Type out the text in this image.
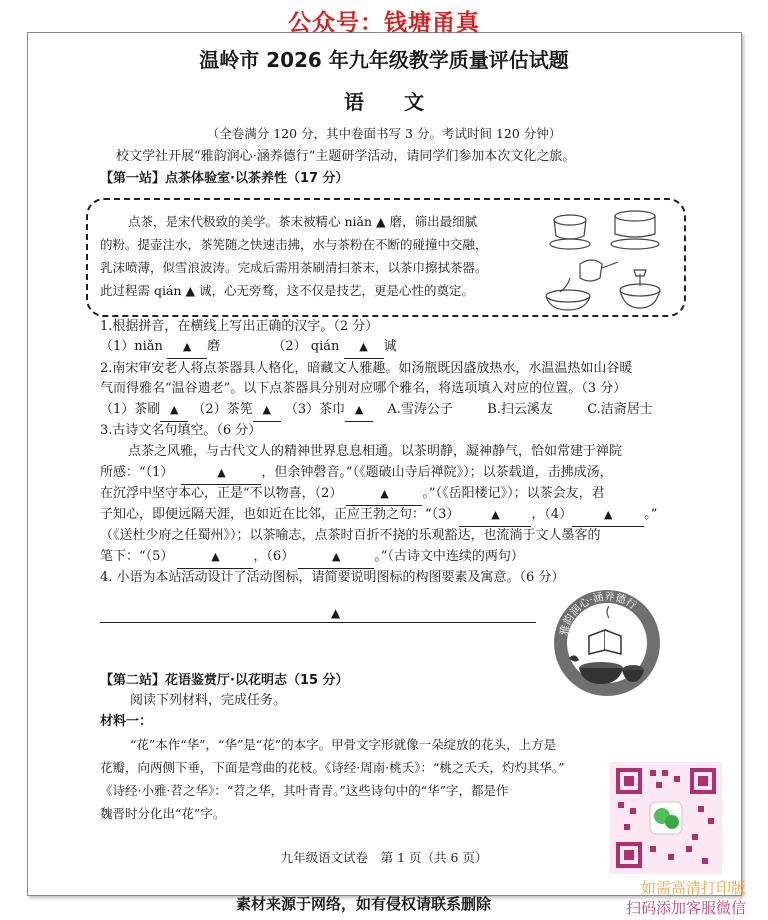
公众号：钱塘甬真
温岭市 2026 年九年级教学质量评估试题
语文
（全卷满分 120 分，其中卷面书写 3 分。考试时间 120 分钟）
校文学社开展“雅韵润心·涵养德行”主题研学活动，请同学们参加本次文化之旅。
【第一站】点茶体验室·以茶养性（17 分）
点茶，是宋代极致的美学。茶末被精心 niǎn ▲ 磨，筛出最细腻
的粉。提壶注水，茶筅随之快速击拂，水与茶粉在不断的碰撞中交融，
乳沫喷薄，似雪浪波涛。完成后需用茶刷清扫茶末，以茶巾擦拭茶器。
此过程需 qián ▲ 诚，心无旁骛，这不仅是技艺，更是心性的奠定。
1.根据拼音，在横线上写出正确的汉字。（2 分）
（1）niǎn ▲ 磨	（2） qián ▲ 诚
2.南宋审安老人将点茶器具人格化，暗藏文人雅趣。如汤瓶既因盛放热水，水温温热如山谷暖
气而得雅名“温谷遗老”。以下点茶器具分别对应哪个雅名，将选项填入对应的位置。（3 分）
（1）茶刷 ▲ （2）茶筅 ▲ （3）茶巾 ▲ A.雪涛公子	B.扫云溪友	C.洁斋居士
3.古诗文名句填空。（6 分）
点茶之风雅，与古代文人的精神世界息息相通。以茶明静，凝神静气，恰如常建于禅院
所感：“（1）	▲	，但余钟磬音。”（《题破山寺后禅院》）；以茶载道，击拂成汤，
在沉浮中坚守本心，正是“不以物喜，（2）	▲	。”（《岳阳楼记》）；以茶会友，君
子知心，即便远隔天涯，也如近在比邻，正应王勃之句：“（3）	▲ ，（4）	▲ 。”
（《送杜少府之任蜀州》）；以茶喻志，点茶时百折不挠的乐观豁达，也流淌于文人墨客的
笔下：“（5）	▲	，（6）	▲	。”（古诗文中连续的两句）
4. 小语为本站活动设计了活动图标，请简要说明图标的构图要素及寓意。（6 分）
▲
雅韵润心·涵养德行
【第二站】花语鉴赏厅·以花明志（15 分）
阅读下列材料，完成任务。
材料一：
“花”本作“华”，“华”是“花”的本字。甲骨文字形就像一朵绽放的花头，上方是
花瓣，向两侧下垂，下面是弯曲的花枝。《诗经·周南·桃夭》：“桃之夭夭，灼灼其华。”
《诗经·小雅·苕之华》：“苕之华，其叶青青。”这些诗句中的“华”字，都是作
魏晋时分化出“花”字。
九年级语文试卷　第 1 页（共 6 页）
素材来源于网络，如有侵权请联系删除
如需高清打印版
扫码添加客服微信
